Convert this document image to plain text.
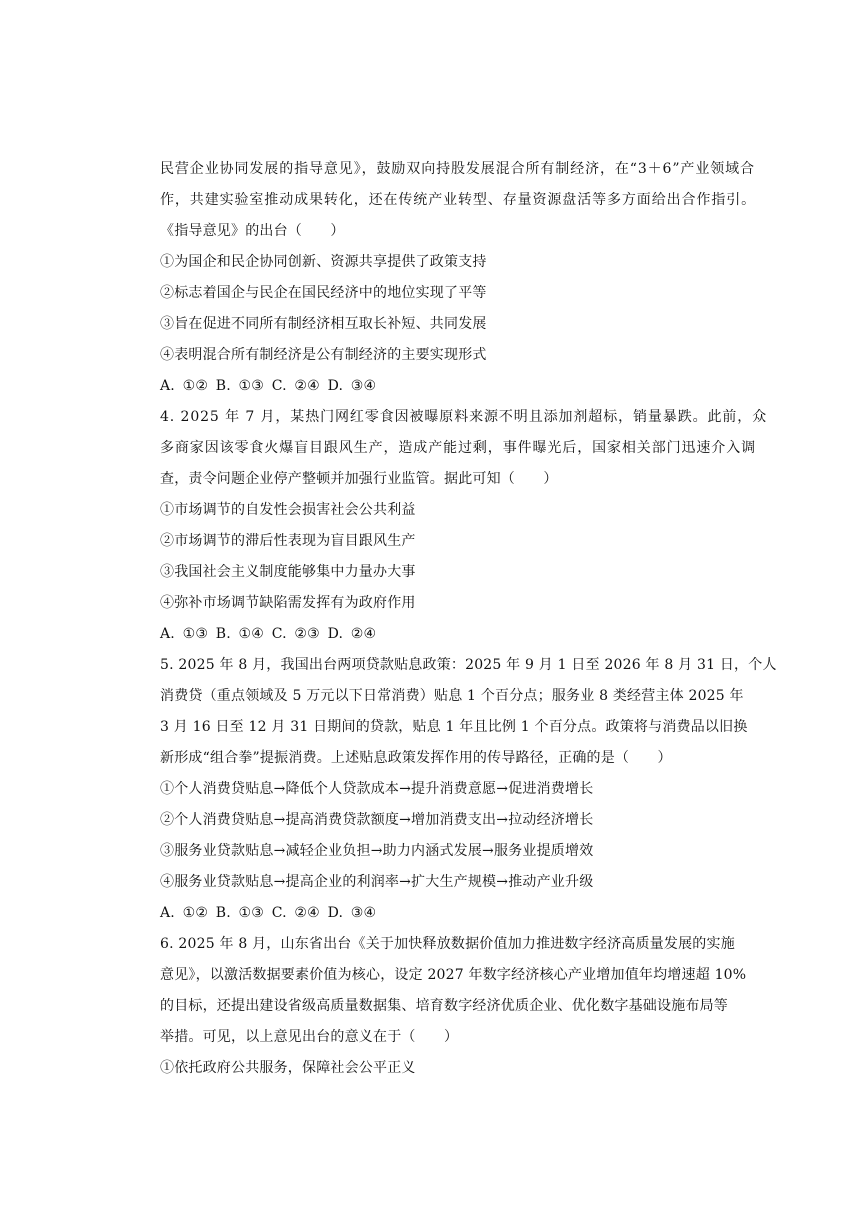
民营企业协同发展的指导意见》，鼓励双向持股发展混合所有制经济，在“3＋6”产业领域合
作，共建实验室推动成果转化，还在传统产业转型、存量资源盘活等多方面给出合作指引。
《指导意见》的出台（　　）
①为国企和民企协同创新、资源共享提供了政策支持
②标志着国企与民企在国民经济中的地位实现了平等
③旨在促进不同所有制经济相互取长补短、共同发展
④表明混合所有制经济是公有制经济的主要实现形式
A. ①② B. ①③ C. ②④ D. ③④
4. 2025 年 7 月，某热门网红零食因被曝原料来源不明且添加剂超标，销量暴跌。此前，众
多商家因该零食火爆盲目跟风生产，造成产能过剩，事件曝光后，国家相关部门迅速介入调
查，责令问题企业停产整顿并加强行业监管。据此可知（　　）
①市场调节的自发性会损害社会公共利益
②市场调节的滞后性表现为盲目跟风生产
③我国社会主义制度能够集中力量办大事
④弥补市场调节缺陷需发挥有为政府作用
A. ①③ B. ①④ C. ②③ D. ②④
5. 2025 年 8 月，我国出台两项贷款贴息政策：2025 年 9 月 1 日至 2026 年 8 月 31 日，个人
消费贷（重点领域及 5 万元以下日常消费）贴息 1 个百分点；服务业 8 类经营主体 2025 年
3 月 16 日至 12 月 31 日期间的贷款，贴息 1 年且比例 1 个百分点。政策将与消费品以旧换
新形成“组合拳”提振消费。上述贴息政策发挥作用的传导路径，正确的是（　　）
①个人消费贷贴息→降低个人贷款成本→提升消费意愿→促进消费增长
②个人消费贷贴息→提高消费贷款额度→增加消费支出→拉动经济增长
③服务业贷款贴息→减轻企业负担→助力内涵式发展→服务业提质增效
④服务业贷款贴息→提高企业的利润率→扩大生产规模→推动产业升级
A. ①② B. ①③ C. ②④ D. ③④
6. 2025 年 8 月，山东省出台《关于加快释放数据价值加力推进数字经济高质量发展的实施
意见》，以激活数据要素价值为核心，设定 2027 年数字经济核心产业增加值年均增速超 10%
的目标，还提出建设省级高质量数据集、培育数字经济优质企业、优化数字基础设施布局等
举措。可见，以上意见出台的意义在于（　　）
①依托政府公共服务，保障社会公平正义
